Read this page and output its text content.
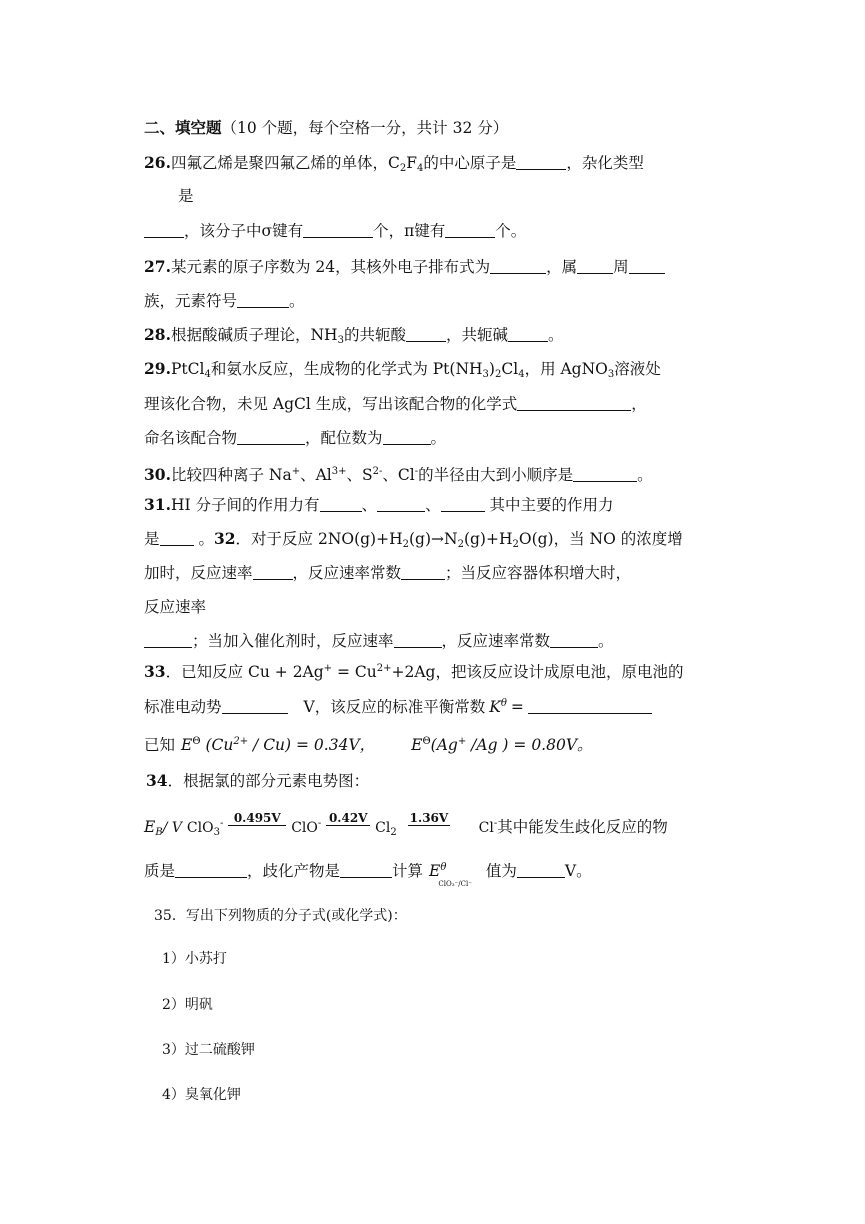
二、填空题（10 个题，每个空格一分，共计 32 分）
26.四氟乙烯是聚四氟乙烯的单体，$C_2F_4$的中心原子是	，杂化类型
是
，该分子中σ键有	个，π键有	个。
27.某元素的原子序数为 24，其核外电子排布式为	，属 周
族，元素符号	。
28.根据酸碱质子理论，$NH_3$的共轭酸	，共轭碱	。
29.PtCl$_4$和氨水反应，生成物的化学式为 $Pt(NH_3)_2Cl_4$，用 AgNO$_3$溶液处
理该化合物，未见 AgCl 生成，写出该配合物的化学式	，
命名该配合物	，配位数为	。
30.比较四种离子 Na+、$Al^{3+}$、$S^{2-}$、Cl-的半径由大到小顺序是	。
31.HI 分子间的作用力有	、	、	其中主要的作用力
是 。32．对于反应 $2NO(g)+H_2(g)\to N_2(g)+H_2O(g)$，当 NO 的浓度增
加时，反应速率	，反应速率常数	；当反应容器体积增大时，
反应速率
；当加入催化剂时，反应速率	，反应速率常数	。
33．已知反应 $Cu + 2Ag^+ = Cu^{2+}+2Ag$，把该反应设计成原电池，原电池的
标准电动势	V，该反应的标准平衡常数 $K^\theta$ =
已知 $E^\Theta$ $(Cu^{2+} / Cu) = 0.34V$， $E^\Theta(Ag^+$ /Ag ) = 0.80V。
34．根据氯的部分元素电势图：
$E_B/$ V ClO$_3$- 0.495V
ClO- 0.42V
$Cl_2$
1.36V
Cl-其中能发生歧化反应的物
质是	，歧化产物是	计算 $E^\theta_{ClO_3^-/Cl^-}$值为	V。
35．写出下列物质的分子式(或化学式)：
1）小苏打
2）明矾
3）过二硫酸钾
4）臭氧化钾
